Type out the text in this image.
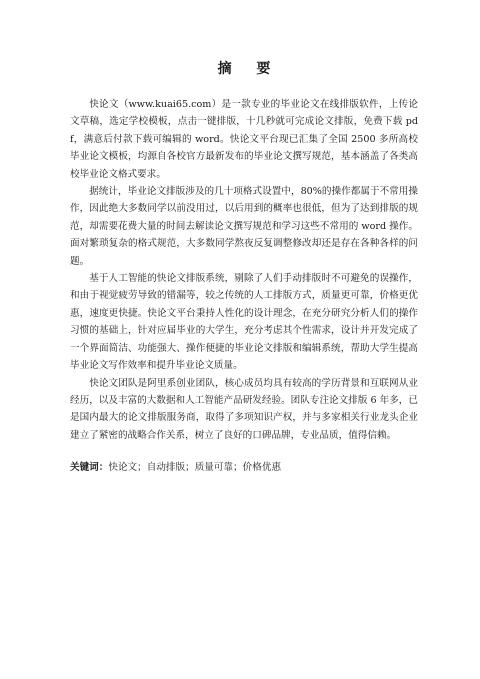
摘 要

快论文（www.kuai65.com）是一款专业的毕业论文在线排版软件，上传论文草稿，选定学校模板，点击一键排版，十几秒就可完成论文排版，免费下载 pdf，满意后付款下载可编辑的 word。快论文平台现已汇集了全国 2500 多所高校毕业论文模板，均源自各校官方最新发布的毕业论文撰写规范，基本涵盖了各类高校毕业论文格式要求。

据统计，毕业论文排版涉及的几十项格式设置中，80%的操作都属于不常用操作，因此绝大多数同学以前没用过，以后用到的概率也很低，但为了达到排版的规范，却需要花费大量的时间去解读论文撰写规范和学习这些不常用的 word 操作。面对繁琐复杂的格式规范，大多数同学熬夜反复调整修改却还是存在各种各样的问题。

基于人工智能的快论文排版系统，剔除了人们手动排版时不可避免的误操作，和由于视觉疲劳导致的错漏等，较之传统的人工排版方式，质量更可靠，价格更优惠，速度更快捷。快论文平台秉持人性化的设计理念，在充分研究分析人们的操作习惯的基础上，针对应届毕业的大学生，充分考虑其个性需求，设计并开发完成了一个界面简洁、功能强大、操作便捷的毕业论文排版和编辑系统，帮助大学生提高毕业论文写作效率和提升毕业论文质量。

快论文团队是阿里系创业团队，核心成员均具有较高的学历背景和互联网从业经历，以及丰富的大数据和人工智能产品研发经验。团队专注论文排版 6 年多，已是国内最大的论文排版服务商，取得了多项知识产权，并与多家相关行业龙头企业建立了紧密的战略合作关系，树立了良好的口碑品牌，专业品质，值得信赖。

关键词：快论文；自动排版；质量可靠；价格优惠
